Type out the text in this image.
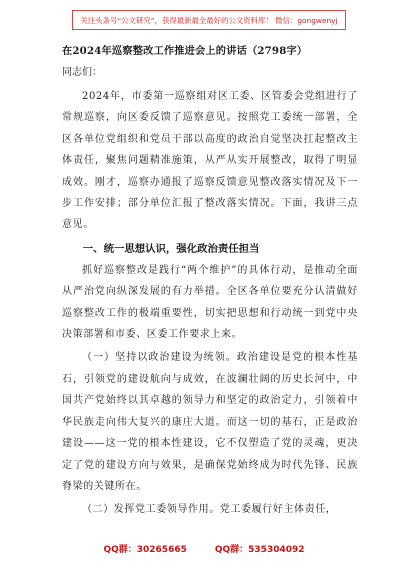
关注头条号“公文研究”，获得最新最全最好的公文资料库！ 微信：gongwenyj
在2024年巡察整改工作推进会上的讲话（2798字）
同志们：

2024年，市委第一巡察组对区工委、区管委会党组进行了常规巡察，向区委反馈了巡察意见。按照党工委统一部署，全区各单位党组织和党员干部以高度的政治自觉坚决扛起整改主体责任，聚焦问题精准施策，从严从实开展整改，取得了明显成效。刚才，巡察办通报了巡察反馈意见整改落实情况及下一步工作安排；部分单位汇报了整改落实情况。下面，我讲三点意见。

一、统一思想认识，强化政治责任担当

抓好巡察整改是践行“两个维护”的具体行动，是推动全面从严治党向纵深发展的有力举措。全区各单位要充分认清做好巡察整改工作的极端重要性，切实把思想和行动统一到党中央决策部署和市委、区委工作要求上来。

（一）坚持以政治建设为统领。政治建设是党的根本性基石，引领党的建设航向与成效，在波澜壮阔的历史长河中，中国共产党始终以其卓越的领导力和坚定的政治定力，引领着中华民族走向伟大复兴的康庄大道。而这一切的基石，正是政治建设——这一党的根本性建设，它不仅塑造了党的灵魂，更决定了党的建设方向与效果，是确保党始终成为时代先锋、民族脊梁的关键所在。

（二）发挥党工委领导作用。党工委履行好主体责任，

QQ群：30265665	QQ群：535304092
